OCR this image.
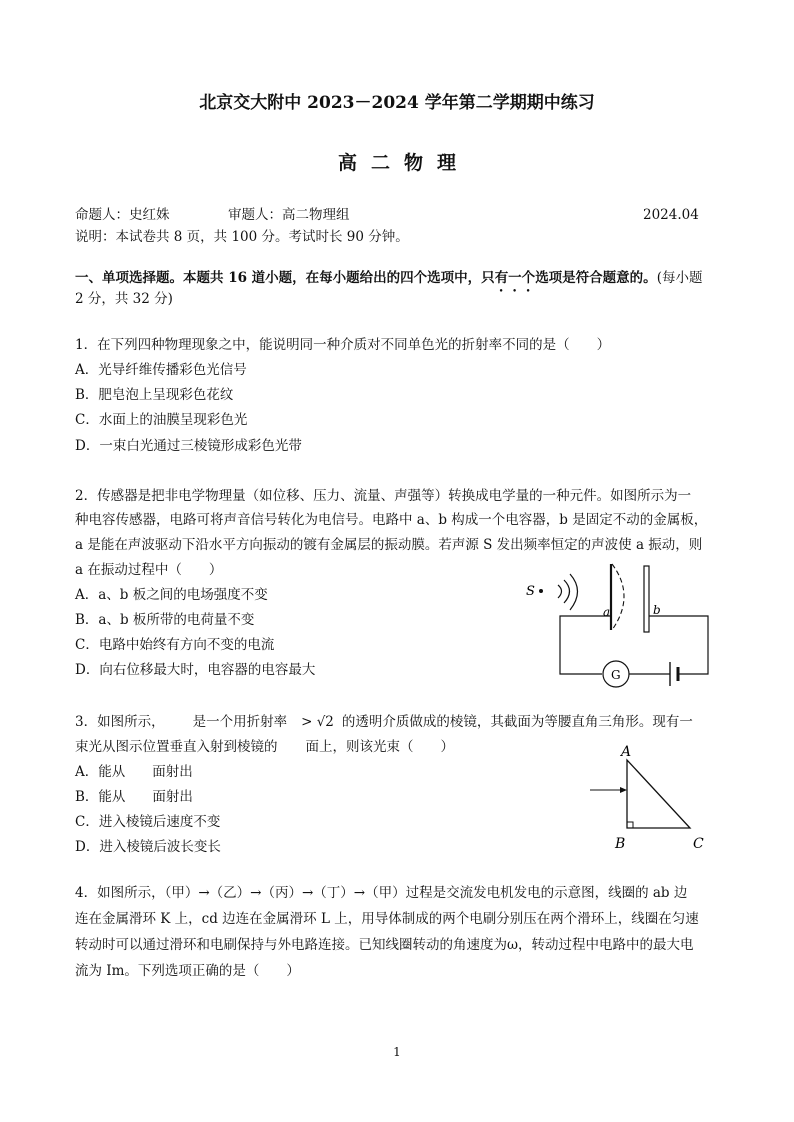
北京交大附中 2023－2024 学年第二学期期中练习
高二物理
命题人：史红姝	审题人：高二物理组	2024.04
说明：本试卷共 8 页，共 100 分。考试时长 90 分钟。
一、单项选择题。本题共 16 道小题，在每小题给出的四个选项中，只有一个选项是符合题意的。(每小题
2 分，共 32 分)
1．在下列四种物理现象之中，能说明同一种介质对不同单色光的折射率不同的是（　　）
A．光导纤维传播彩色光信号
B．肥皂泡上呈现彩色花纹
C．水面上的油膜呈现彩色光
D．一束白光通过三棱镜形成彩色光带
2．传感器是把非电学物理量（如位移、压力、流量、声强等）转换成电学量的一种元件。如图所示为一
种电容传感器，电路可将声音信号转化为电信号。电路中 a、b 构成一个电容器，b 是固定不动的金属板，
a 是能在声波驱动下沿水平方向振动的镀有金属层的振动膜。若声源 S 发出频率恒定的声波使 a 振动，则
a 在振动过程中（　　）
A．a、b 板之间的电场强度不变
B．a、b 板所带的电荷量不变
C．电路中始终有方向不变的电流
D．向右位移最大时，电容器的电容最大
S
a	b
G
3．如图所示， 是一个用折射率 > √2 的透明介质做成的棱镜，其截面为等腰直角三角形。现有一
束光从图示位置垂直入射到棱镜的 面上，则该光束（　　）
A．能从　　面射出
B．能从　　面射出
C．进入棱镜后速度不变
D．进入棱镜后波长变长
A
B	C
4．如图所示，（甲）→（乙）→（丙）→（丁）→（甲）过程是交流发电机发电的示意图，线圈的 ab 边
连在金属滑环 K 上，cd 边连在金属滑环 L 上，用导体制成的两个电刷分别压在两个滑环上，线圈在匀速
转动时可以通过滑环和电刷保持与外电路连接。已知线圈转动的角速度为ω，转动过程中电路中的最大电
流为 Im。下列选项正确的是（　　）
1
